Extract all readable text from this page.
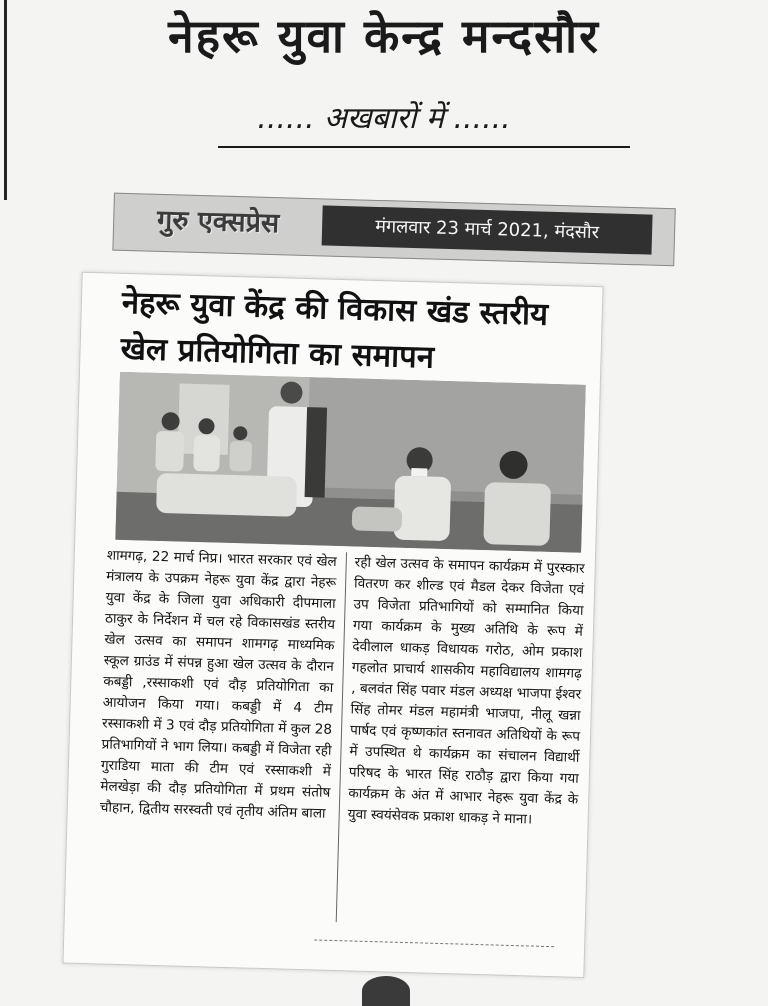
नेहरू युवा केन्द्र मन्दसौर
...... अखबारों में ......
गुरु एक्सप्रेस	मंगलवार 23 मार्च 2021, मंदसौर
नेहरू युवा केंद्र की विकास खंड स्तरीय खेल प्रतियोगिता का समापन
शामगढ़, 22 मार्च निप्र। भारत सरकार एवं खेल मंत्रालय के उपक्रम नेहरू युवा केंद्र द्वारा नेहरू युवा केंद्र के जिला युवा अधिकारी दीपमाला ठाकुर के निर्देशन में चल रहे विकासखंड स्तरीय खेल उत्सव का समापन शामगढ़ माध्यमिक स्कूल ग्राउंड में संपन्न हुआ खेल उत्सव के दौरान कबड्डी ,रस्साकशी एवं दौड़ प्रतियोगिता का आयोजन किया गया। कबड्डी में 4 टीम रस्साकशी में 3 एवं दौड़ प्रतियोगिता में कुल 28 प्रतिभागियों ने भाग लिया। कबड्डी में विजेता रही गुराडिया माता की टीम एवं रस्साकशी में मेलखेड़ा की दौड़ प्रतियोगिता में प्रथम संतोष चौहान, द्वितीय सरस्वती एवं तृतीय अंतिम बाला
रही खेल उत्सव के समापन कार्यक्रम में पुरस्कार वितरण कर शील्ड एवं मैडल देकर विजेता एवं उप विजेता प्रतिभागियों को सम्मानित किया गया कार्यक्रम के मुख्य अतिथि के रूप में देवीलाल धाकड़ विधायक गरोठ, ओम प्रकाश गहलोत प्राचार्य शासकीय महाविद्यालय शामगढ़ , बलवंत सिंह पवार मंडल अध्यक्ष भाजपा ईश्वर सिंह तोमर मंडल महामंत्री भाजपा, नीलू खन्ना पार्षद एवं कृष्णकांत स्तनावत अतिथियों के रूप में उपस्थित थे कार्यक्रम का संचालन विद्यार्थी परिषद के भारत सिंह राठौड़ द्वारा किया गया कार्यक्रम के अंत में आभार नेहरू युवा केंद्र के युवा स्वयंसेवक प्रकाश धाकड़ ने माना।
